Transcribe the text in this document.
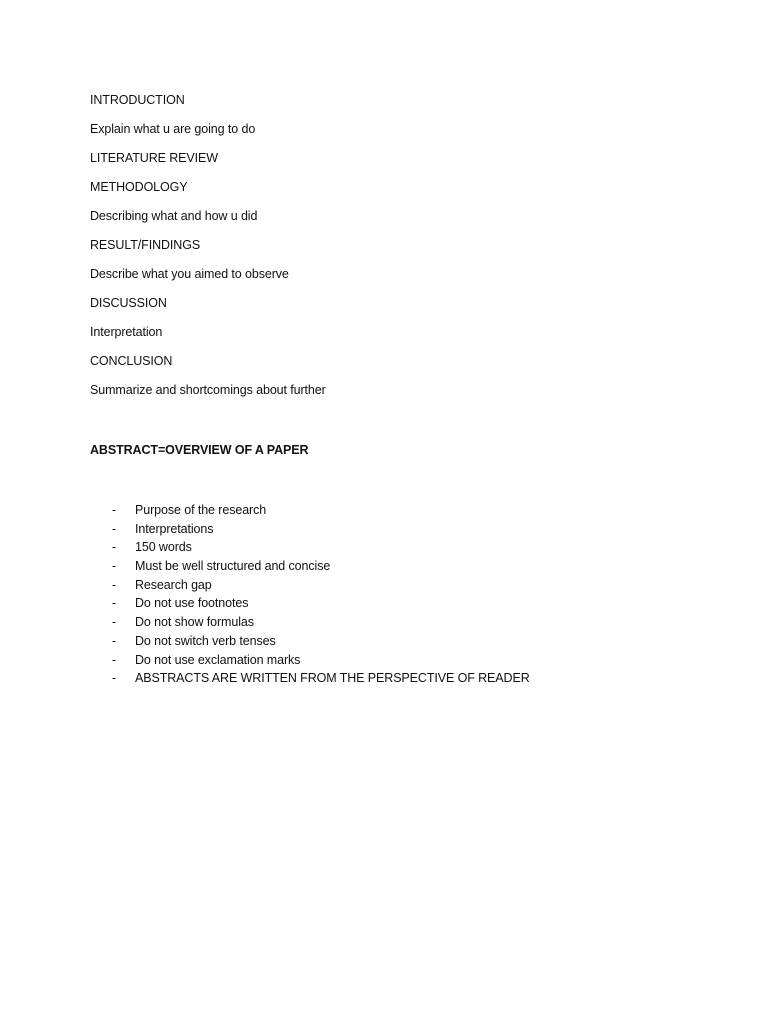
INTRODUCTION
Explain what u are going to do
LITERATURE REVIEW
METHODOLOGY
Describing what and how u did
RESULT/FINDINGS
Describe what you aimed to observe
DISCUSSION
Interpretation
CONCLUSION
Summarize and shortcomings about further

ABSTRACT=OVERVIEW OF A PAPER

- Purpose of the research
- Interpretations
- 150 words
- Must be well structured and concise
- Research gap
- Do not use footnotes
- Do not show formulas
- Do not switch verb tenses
- Do not use exclamation marks
- ABSTRACTS ARE WRITTEN FROM THE PERSPECTIVE OF READER
